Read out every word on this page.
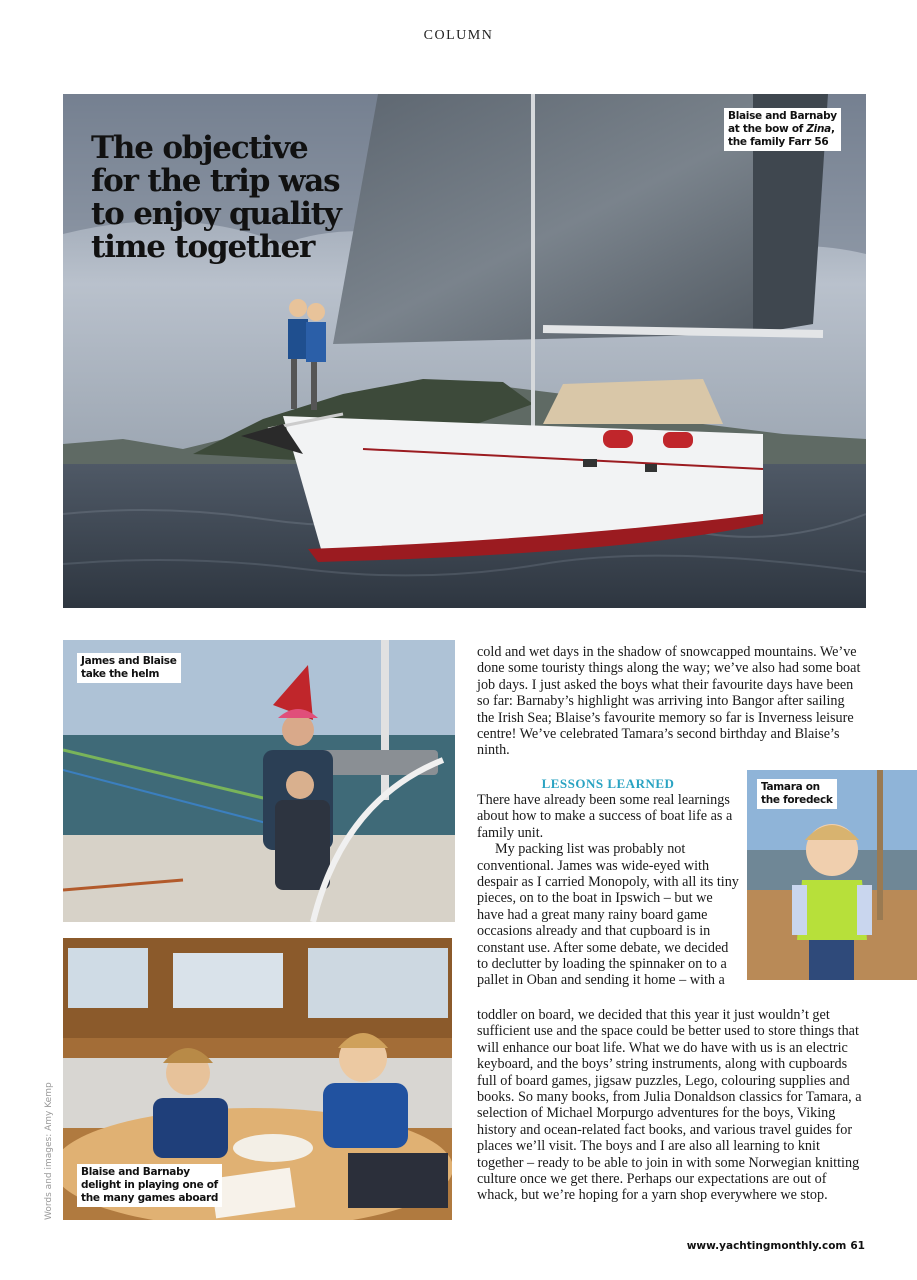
COLUMN
The objective for the trip was to enjoy quality time together
Blaise and Barnaby
at the bow of Zina,
the family Farr 56
James and Blaise
take the helm
Blaise and Barnaby
delight in playing one of
the many games aboard
Words and images: Amy Kemp
Tamara on
the foredeck

cold and wet days in the shadow of snowcapped mountains. We’ve done some touristy things along the way; we’ve also had some boat job days. I just asked the boys what their favourite days have been so far: Barnaby’s highlight was arriving into Bangor after sailing the Irish Sea; Blaise’s favourite memory so far is Inverness leisure centre! We’ve celebrated Tamara’s second birthday and Blaise’s ninth.

LESSONS LEARNED

There have already been some real learnings about how to make a success of boat life as a family unit.

My packing list was probably not conventional. James was wide-eyed with despair as I carried Monopoly, with all its tiny pieces, on to the boat in Ipswich – but we have had a great many rainy board game occasions already and that cupboard is in constant use. After some debate, we decided to declutter by loading the spinnaker on to a pallet in Oban and sending it home – with a

toddler on board, we decided that this year it just wouldn’t get sufficient use and the space could be better used to store things that will enhance our boat life. What we do have with us is an electric keyboard, and the boys’ string instruments, along with cupboards full of board games, jigsaw puzzles, Lego, colouring supplies and books. So many books, from Julia Donaldson classics for Tamara, a selection of Michael Morpurgo adventures for the boys, Viking history and ocean-related fact books, and various travel guides for places we’ll visit. The boys and I are also all learning to knit together – ready to be able to join in with some Norwegian knitting culture once we get there. Perhaps our expectations are out of whack, but we’re hoping for a yarn shop everywhere we stop.

www.yachtingmonthly.com 61
